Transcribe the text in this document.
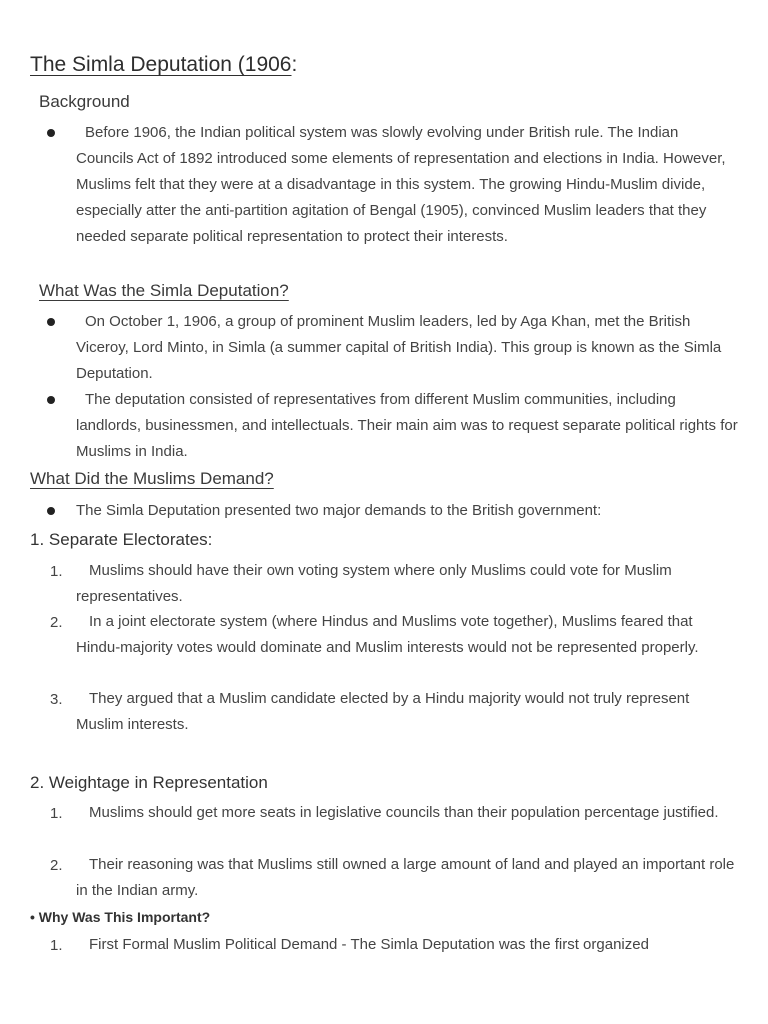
The Simla Deputation (1906:
Background
Before 1906, the Indian political system was slowly evolving under British rule. The Indian Councils Act of 1892 introduced some elements of representation and elections in India. However, Muslims felt that they were at a disadvantage in this system. The growing Hindu-Muslim divide, especially atter the anti-partition agitation of Bengal (1905), convinced Muslim leaders that they needed separate political representation to protect their interests.
What Was the Simla Deputation?
On October 1, 1906, a group of prominent Muslim leaders, led by Aga Khan, met the British Viceroy, Lord Minto, in Simla (a summer capital of British India). This group is known as the Simla Deputation.
The deputation consisted of representatives from different Muslim communities, including landlords, businessmen, and intellectuals. Their main aim was to request separate political rights for Muslims in India.
What Did the Muslims Demand?
The Simla Deputation presented two major demands to the British government:
1. Separate Electorates:
1.	Muslims should have their own voting system where only Muslims could vote for Muslim representatives.
2.	In a joint electorate system (where Hindus and Muslims vote together), Muslims feared that Hindu-majority votes would dominate and Muslim interests would not be represented properly.
3.	They argued that a Muslim candidate elected by a Hindu majority would not truly represent Muslim interests.
2. Weightage in Representation
1.	Muslims should get more seats in legislative councils than their population percentage justified.
2.	Their reasoning was that Muslims still owned a large amount of land and played an important role in the Indian army.
• Why Was This Important?
1.	First Formal Muslim Political Demand - The Simla Deputation was the first organized
